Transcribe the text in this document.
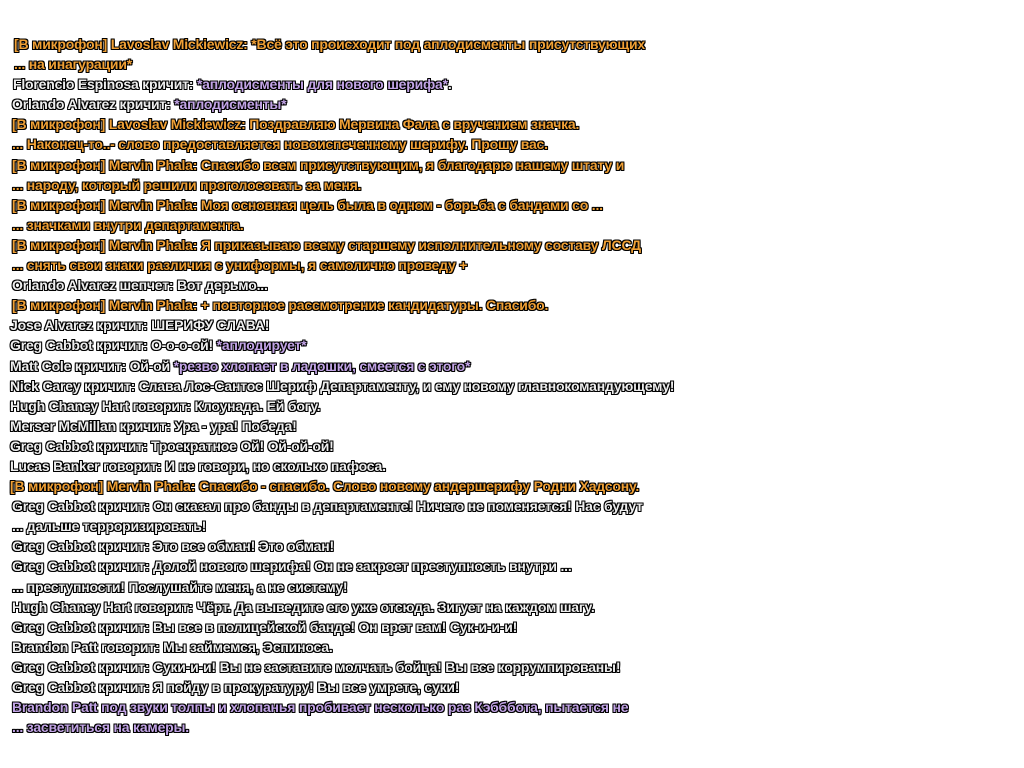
[В микрофон] Lavoslav Mickiewicz: *Всё это происходит под аплодисменты присутствующих
... на инагурации*
Florencio Espinosa кричит: *аплодисменты для нового шерифа*.
Orlando Alvarez кричит: *аплодисменты*
[В микрофон] Lavoslav Mickiewicz: Поздравляю Мервина Фала с вручением значка.
... Наконец-то..- слово предоставляется новоиспеченному шерифу. Прошу вас.
[В микрофон] Mervin Phala: Спасибо всем присутствующим, я благодарю нашему штату и
... народу, который решили проголосовать за меня.
[В микрофон] Mervin Phala: Моя основная цель была в одном - борьба с бандами со ...
... значками внутри департамента.
[В микрофон] Mervin Phala: Я приказываю всему старшему исполнительному составу ЛССД
... снять свои знаки различия с униформы, я самолично проведу +
Orlando Alvarez шепчет: Вот дерьмо...
[В микрофон] Mervin Phala: + повторное рассмотрение кандидатуры. Спасибо.
Jose Alvarez кричит: ШЕРИФУ СЛАВА!
Greg Cabbot кричит: О-о-о-ой! *аплодирует*
Matt Cole кричит: Ой-ой *резво хлопает в ладошки, смеется с этого*
Nick Carey кричит: Слава Лос-Сантос Шериф Департаменту, и ему новому главнокомандующему!
Hugh Chaney Hart говорит: Клоунада. Ей богу.
Merser McMillan кричит: Ура - ура! Победа!
Greg Cabbot кричит: Троекратное Ой! Ой-ой-ой!
Lucas Banker говорит: И не говори, но сколько пафоса.
[В микрофон] Mervin Phala: Спасибо - спасибо. Слово новому андершерифу Родни Хадсону.
Greg Cabbot кричит: Он сказал про банды в департаменте! Ничего не поменяется! Нас будут
... дальше терроризировать!
Greg Cabbot кричит: Это все обман! Это обман!
Greg Cabbot кричит: Долой нового шерифа! Он не закроет преступность внутри ...
... преступности! Послушайте меня, а не систему!
Hugh Chaney Hart говорит: Чёрт. Да выведите его уже отсюда. Зигует на каждом шагу.
Greg Cabbot кричит: Вы все в полицейской банде! Он врет вам! Сук-и-и-и!
Brandon Patt говорит: Мы займемся, Эспиноса.
Greg Cabbot кричит: Суки-и-и! Вы не заставите молчать бойца! Вы все коррумпированы!
Greg Cabbot кричит: Я пойду в прокуратуру! Вы все умрете, суки!
Brandon Patt под звуки толпы и хлопанья пробивает несколько раз Кэбббота, пытается не
... засветиться на камеры.
